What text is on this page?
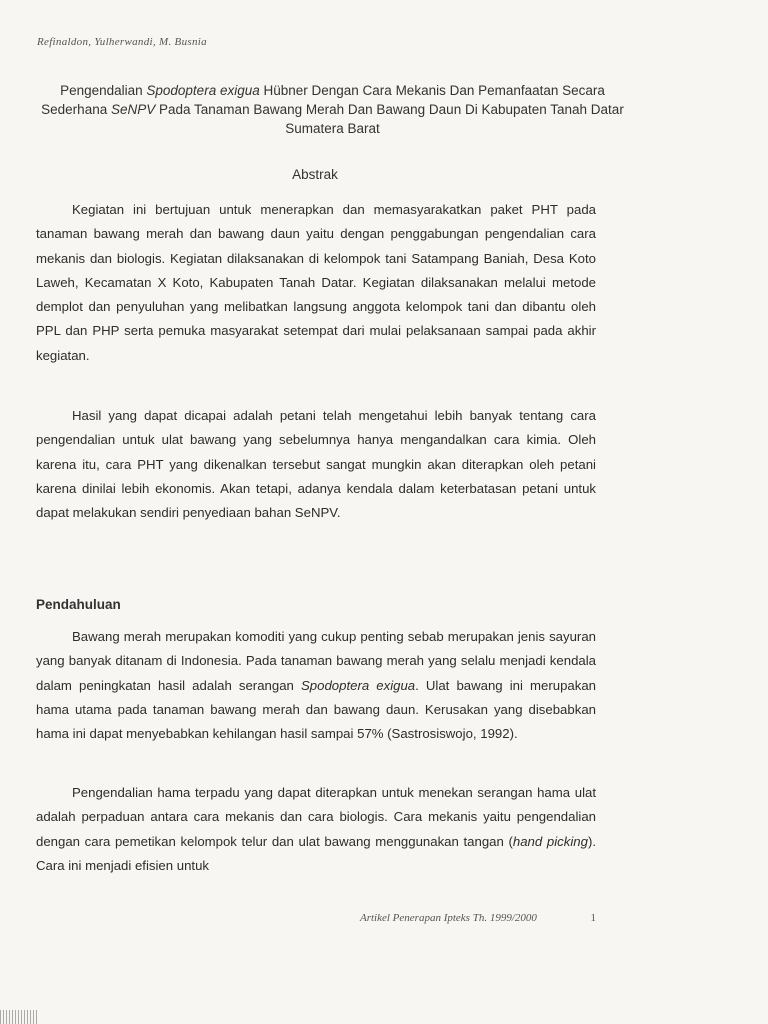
Refinaldon, Yulherwandi, M. Busnia
Pengendalian Spodoptera exigua Hübner Dengan Cara Mekanis Dan Pemanfaatan Secara Sederhana SeNPV Pada Tanaman Bawang Merah Dan Bawang Daun Di Kabupaten Tanah Datar Sumatera Barat
Abstrak

Kegiatan ini bertujuan untuk menerapkan dan memasyarakatkan paket PHT pada tanaman bawang merah dan bawang daun yaitu dengan penggabungan pengendalian cara mekanis dan biologis. Kegiatan dilaksanakan di kelompok tani Satampang Baniah, Desa Koto Laweh, Kecamatan X Koto, Kabupaten Tanah Datar. Kegiatan dilaksanakan melalui metode demplot dan penyuluhan yang melibatkan langsung anggota kelompok tani dan dibantu oleh PPL dan PHP serta pemuka masyarakat setempat dari mulai pelaksanaan sampai pada akhir kegiatan.

Hasil yang dapat dicapai adalah petani telah mengetahui lebih banyak tentang cara pengendalian untuk ulat bawang yang sebelumnya hanya mengandalkan cara kimia. Oleh karena itu, cara PHT yang dikenalkan tersebut sangat mungkin akan diterapkan oleh petani karena dinilai lebih ekonomis. Akan tetapi, adanya kendala dalam keterbatasan petani untuk dapat melakukan sendiri penyediaan bahan SeNPV.

Pendahuluan

Bawang merah merupakan komoditi yang cukup penting sebab merupakan jenis sayuran yang banyak ditanam di Indonesia. Pada tanaman bawang merah yang selalu menjadi kendala dalam peningkatan hasil adalah serangan Spodoptera exigua. Ulat bawang ini merupakan hama utama pada tanaman bawang merah dan bawang daun. Kerusakan yang disebabkan hama ini dapat menyebabkan kehilangan hasil sampai 57% (Sastrosiswojo, 1992).

Pengendalian hama terpadu yang dapat diterapkan untuk menekan serangan hama ulat adalah perpaduan antara cara mekanis dan cara biologis. Cara mekanis yaitu pengendalian dengan cara pemetikan kelompok telur dan ulat bawang menggunakan tangan (hand picking). Cara ini menjadi efisien untuk

Artikel Penerapan Ipteks Th. 1999/2000	1
